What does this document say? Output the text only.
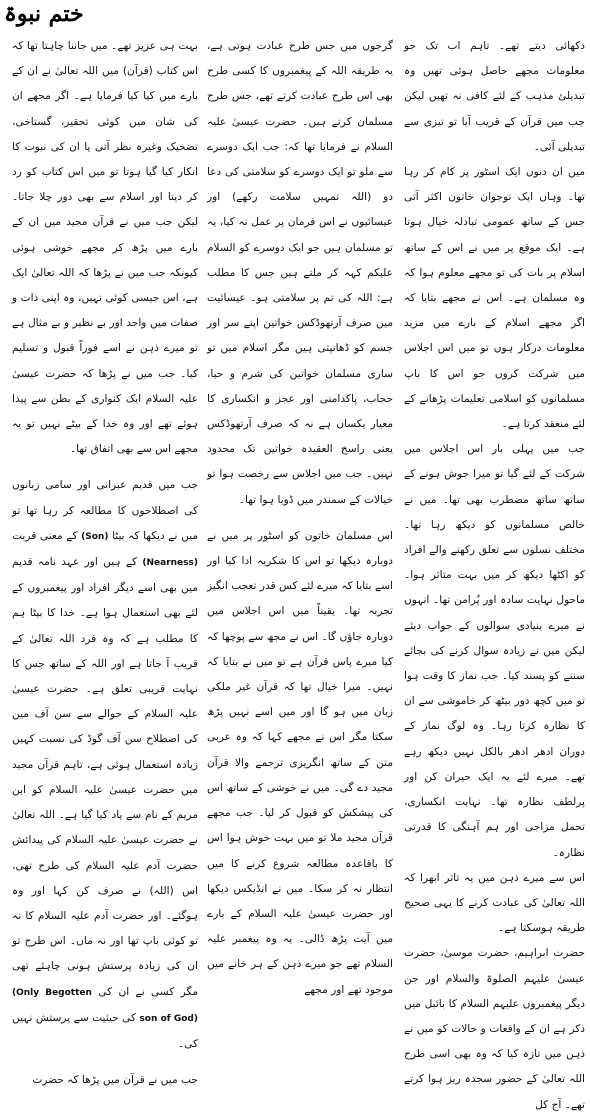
ختم نبوۃ

دکھائی دیتے تھے۔ تاہم اب تک جو معلومات مجھے حاصل ہوئی تھیں وہ تبدیلئ مذہب کے لئے کافی نہ تھیں لیکن جب میں قرآن کے قریب آیا تو تیزی سے تبدیلی آئی۔

میں ان دنوں ایک اسٹور پر کام کر رہا تھا۔ وہاں ایک نوجوان خاتون اکثر آتی جس کے ساتھ عمومی تبادلہ خیال ہوتا ہے۔ ایک موقع پر میں نے اس کے ساتھ اسلام پر بات کی تو مجھے معلوم ہوا کہ وہ مسلمان ہے۔ اس نے مجھے بتایا کہ اگر مجھے اسلام کے بارے میں مزید معلومات درکار ہوں تو میں اس اجلاس میں شرکت کروں جو اس کا باپ مسلمانوں کو اسلامی تعلیمات پڑھانے کے لئے منعقد کرتا ہے۔

جب میں پہلی بار اس اجلاس میں شرکت کے لئے گیا تو میرا جوش ہونے کے ساتھ ساتھ مضطرب بھی تھا۔ میں نے خالص مسلمانوں کو دیکھ رہا تھا۔ مختلف نسلوں سے تعلق رکھنے والے افراد کو اکٹھا دیکھ کر میں بہت متاثر ہوا۔ ماحول نہایت سادہ اور پُرامن تھا۔ انہوں نے میرے بنیادی سوالوں کے جواب دیئے لیکن میں نے زیادہ سوال کرنے کی بجائے سننے کو پسند کیا۔ جب نماز کا وقت ہوا تو میں کچھ دور بیٹھ کر خاموشی سے ان کا نظارہ کرتا رہا۔ وہ لوگ نماز کے دوران ادھر ادھر بالکل نہیں دیکھ رہے تھے۔ میرے لئے یہ ایک حیران کن اور پرلطف نظارہ تھا۔ نہایت انکساری، تحمل مزاجی اور ہم آہنگی کا قدرتی نظارہ۔

اس سے میرے ذہن میں یہ تاثر ابھرا کہ اللہ تعالیٰ کی عبادت کرنے کا یہی صحیح طریقہ ہوسکتا ہے۔

حضرت ابراہیم، حضرت موسیٰ، حضرت عیسیٰ علیہم الصلوۃ والسلام اور جن دیگر پیغمبروں علیہم السلام کا بائبل میں ذکر ہے ان کے واقعات و حالات کو میں نے ذہن میں تازہ کیا کہ وہ بھی اسی طرح اللہ تعالیٰ کے حضور سجدہ ریز ہوا کرتے تھے۔ آج کل

گرجوں میں جس طرح عبادت ہوتی ہے، یہ طریقہ اللہ کے پیغمبروں کا کسی طرح بھی اس طرح عبادت کرتے تھے، جس طرح مسلمان کرتے ہیں۔ حضرت عیسیٰ علیہ السلام نے فرمایا تھا کہ: جب ایک دوسرے سے ملو تو ایک دوسرے کو سلامتی کی دعا دو (اللہ تمہیں سلامت رکھے) اور عیسائیوں نے اس فرمان پر عمل نہ کیا، یہ تو مسلمان ہیں جو ایک دوسرے کو السلام علیکم کہہ کر ملتے ہیں جس کا مطلب ہے: اللہ کی تم پر سلامتی ہو۔ عیسائیت میں صرف آرتھوڈکس خواتین اپنے سر اور جسم کو ڈھانپتی ہیں مگر اسلام میں تو ساری مسلمان خواتین کی شرم و حیا، حجاب، پاکدامنی اور عجز و انکساری کا معیار یکساں ہے نہ کہ صرف آرتھوڈکس یعنی راسخ العقیدہ خواتین تک محدود نہیں۔ جب میں اجلاس سے رخصت ہوا تو خیالات کے سمندر میں ڈوبا ہوا تھا۔

اس مسلمان خاتون کو اسٹور پر میں نے دوبارہ دیکھا تو اس کا شکریہ ادا کیا اور اسے بتایا کہ میرے لئے کس قدر تعجب انگیز تجربہ تھا۔ یقیناً میں اس اجلاس میں دوبارہ جاؤں گا۔ اس نے مجھ سے پوچھا کہ کیا میرے پاس قرآن ہے تو میں نے بتایا کہ نہیں۔ میرا خیال تھا کہ قرآن غیر ملکی زبان میں ہو گا اور میں اسے نہیں پڑھ سکتا مگر اس نے مجھے کہا کہ وہ عربی متن کے ساتھ انگریزی ترجمے والا قرآن مجید دے گی۔ میں نے خوشی کے ساتھ اس کی پیشکش کو قبول کر لیا۔ جب مجھے قرآن مجید ملا تو میں بہت خوش ہوا اس کا باقاعدہ مطالعہ شروع کرنے کا میں انتظار نہ کر سکا۔ میں نے انڈیکس دیکھا اور حضرت عیسیٰ علیہ السلام کے بارے میں آیت پڑھ ڈالی۔ یہ وہ پیغمبر علیہ السلام تھے جو میرے ذہن کے ہر خانے میں موجود تھے اور مجھے

بہت ہی عزیز تھے۔ میں جاننا چاہتا تھا کہ اس کتاب (قرآن) میں اللہ تعالیٰ نے ان کے بارے میں کیا کیا فرمایا ہے۔ اگر مجھے ان کی شان میں کوئی تحقیر، گستاخی، تضحیک وغیرہ نظر آتی یا ان کی نبوت کا انکار کیا گیا ہوتا تو میں اس کتاب کو رد کر دیتا اور اسلام سے بھی دور چلا جاتا۔ لیکن جب میں نے قرآن مجید میں ان کے بارے میں پڑھ کر مجھے خوشی ہوئی کیونکہ جب میں نے پڑھا کہ اللہ تعالیٰ ایک ہے، اس جیسی کوئی نہیں، وہ اپنی ذات و صفات میں واحد اور بے نظیر و بے مثال ہے تو میرے ذہن نے اسے فوراً قبول و تسلیم کیا۔ جب میں نے پڑھا کہ حضرت عیسیٰ علیہ السلام ایک کنواری کے بطن سے پیدا ہوئے تھے اور وہ خدا کے بیٹے نہیں تو یہ مجھے اس سے بھی اتفاق تھا۔

جب میں قدیم عبرانی اور سامی زبانوں کی اصطلاحوں کا مطالعہ کر رہا تھا تو میں نے دیکھا کہ بیٹا (Son) کے معنی قربت (Nearness) کے ہیں اور عہد نامہ قدیم میں بھی اسے دیگر افراد اور پیغمبروں کے لئے بھی استعمال ہوا ہے۔ خدا کا بیٹا ہم کا مطلب ہے کہ وہ فرد اللہ تعالیٰ کے قریب آ جاتا ہے اور اللہ کے ساتھ جس کا نہایت قریبی تعلق ہے۔ حضرت عیسیٰ علیہ السلام کے حوالے سے سن آف مین کی اصطلاح سن آف گوڈ کی نسبت کہیں زیادہ استعمال ہوئی ہے، تاہم قرآن مجید میں حضرت عیسیٰ علیہ السلام کو ابن مریم کے نام سے یاد کیا گیا ہے۔ اللہ تعالیٰ نے حضرت عیسیٰ علیہ السلام کی پیدائش حضرت آدم علیہ السلام کی طرح تھی، اس (اللہ) نے صرف کن کہا اور وہ ہوگئے۔ اور حضرت آدم علیہ السلام کا نہ تو کوئی باپ تھا اور نہ ماں۔ اس طرح تو ان کی زیادہ پرستش ہونی چاہئے تھی مگر کسی نے ان کی (Only Begotten son of God) کی حیثیت سے پرستش نہیں کی۔

جب میں نے قرآن میں پڑھا کہ حضرت
